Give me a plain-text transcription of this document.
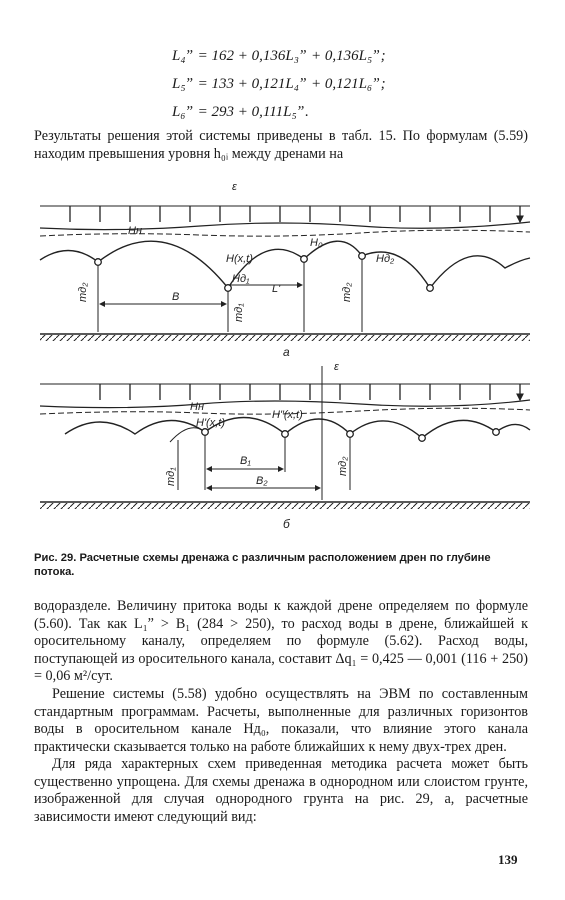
L₄ˮ = 162 + 0,136L₃ˮ + 0,136L₅ˮ;
L₅ˮ = 133 + 0,121L₄ˮ + 0,121L₆ˮ;
L₆ˮ = 293 + 0,111L₅ˮ.
Результаты решения этой системы приведены в табл. 15. По формулам (5.59) находим превышения уровня h₀ᵢ между дренами на
ε
Hн
H₀
H(x,t)
Hд₁
Hд₂
L'
B
mд₂
mд₁
mд₂
а
ε
Hн
H"(x,t)
H'(x,t)
B₁
B₂
mд₁
mд₂
б
Рис. 29. Расчетные схемы дренажа с различным расположением дрен по глубине потока.
водоразделе. Величину притока воды к каждой дрене определяем по формуле (5.60). Так как L₁ˮ > B₁ (284 > 250), то расход воды в дрене, ближайшей к оросительному каналу, определяем по формуле (5.62). Расход воды, поступающей из оросительного канала, составит Δq₁ = 0,425 — 0,001 (116 + 250) = 0,06 м²/сут.
Решение системы (5.58) удобно осуществлять на ЭВМ по составленным стандартным программам. Расчеты, выполненные для различных горизонтов воды в оросительном канале Hд₀, показали, что влияние этого канала практически сказывается только на работе ближайших к нему двух-трех дрен.
Для ряда характерных схем приведенная методика расчета может быть существенно упрощена. Для схемы дренажа в однородном или слоистом грунте, изображенной для случая однородного грунта на рис. 29, а, расчетные зависимости имеют следующий вид:
139
